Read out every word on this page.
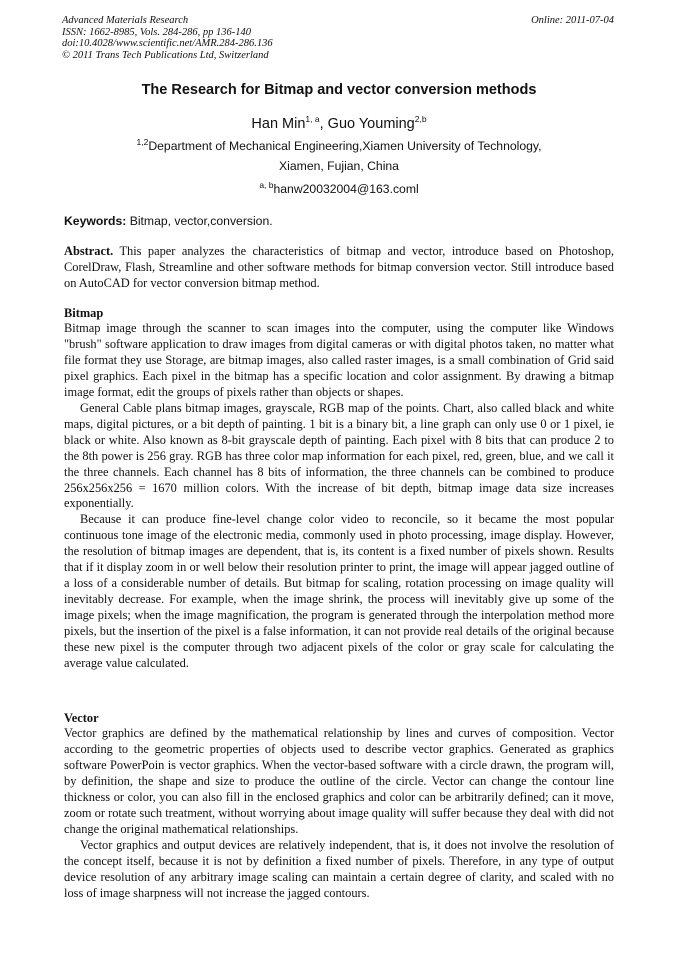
Advanced Materials Research
ISSN: 1662-8985, Vols. 284-286, pp 136-140
doi:10.4028/www.scientific.net/AMR.284-286.136
© 2011 Trans Tech Publications Ltd, Switzerland
Online: 2011-07-04
The Research for Bitmap and vector conversion methods
Han Min$^{1, a}$, Guo Youming$^{2,b}$
$^{1,2}$Department of Mechanical Engineering,Xiamen University of Technology,
Xiamen, Fujian, China
$^{a, b}$hanw20032004@163.coml
Keywords: Bitmap, vector,conversion.

Abstract. This paper analyzes the characteristics of bitmap and vector, introduce based on Photoshop, CorelDraw, Flash, Streamline and other software methods for bitmap conversion vector. Still introduce based on AutoCAD for vector conversion bitmap method.

Bitmap

Bitmap image through the scanner to scan images into the computer, using the computer like Windows "brush" software application to draw images from digital cameras or with digital photos taken, no matter what file format they use Storage, are bitmap images, also called raster images, is a small combination of Grid said pixel graphics. Each pixel in the bitmap has a specific location and color assignment. By drawing a bitmap image format, edit the groups of pixels rather than objects or shapes.

General Cable plans bitmap images, grayscale, RGB map of the points. Chart, also called black and white maps, digital pictures, or a bit depth of painting. 1 bit is a binary bit, a line graph can only use 0 or 1 pixel, ie black or white. Also known as 8-bit grayscale depth of painting. Each pixel with 8 bits that can produce 2 to the 8th power is 256 gray. RGB has three color map information for each pixel, red, green, blue, and we call it the three channels. Each channel has 8 bits of information, the three channels can be combined to produce 256x256x256 = 1670 million colors. With the increase of bit depth, bitmap image data size increases exponentially.

Because it can produce fine-level change color video to reconcile, so it became the most popular continuous tone image of the electronic media, commonly used in photo processing, image display. However, the resolution of bitmap images are dependent, that is, its content is a fixed number of pixels shown. Results that if it display zoom in or well below their resolution printer to print, the image will appear jagged outline of a loss of a considerable number of details. But bitmap for scaling, rotation processing on image quality will inevitably decrease. For example, when the image shrink, the process will inevitably give up some of the image pixels; when the image magnification, the program is generated through the interpolation method more pixels, but the insertion of the pixel is a false information, it can not provide real details of the original because these new pixel is the computer through two adjacent pixels of the color or gray scale for calculating the average value calculated.

Vector

Vector graphics are defined by the mathematical relationship by lines and curves of composition. Vector according to the geometric properties of objects used to describe vector graphics. Generated as graphics software PowerPoin is vector graphics. When the vector-based software with a circle drawn, the program will, by definition, the shape and size to produce the outline of the circle. Vector can change the contour line thickness or color, you can also fill in the enclosed graphics and color can be arbitrarily defined; can it move, zoom or rotate such treatment, without worrying about image quality will suffer because they deal with did not change the original mathematical relationships.

Vector graphics and output devices are relatively independent, that is, it does not involve the resolution of the concept itself, because it is not by definition a fixed number of pixels. Therefore, in any type of output device resolution of any arbitrary image scaling can maintain a certain degree of clarity, and scaled with no loss of image sharpness will not increase the jagged contours.
